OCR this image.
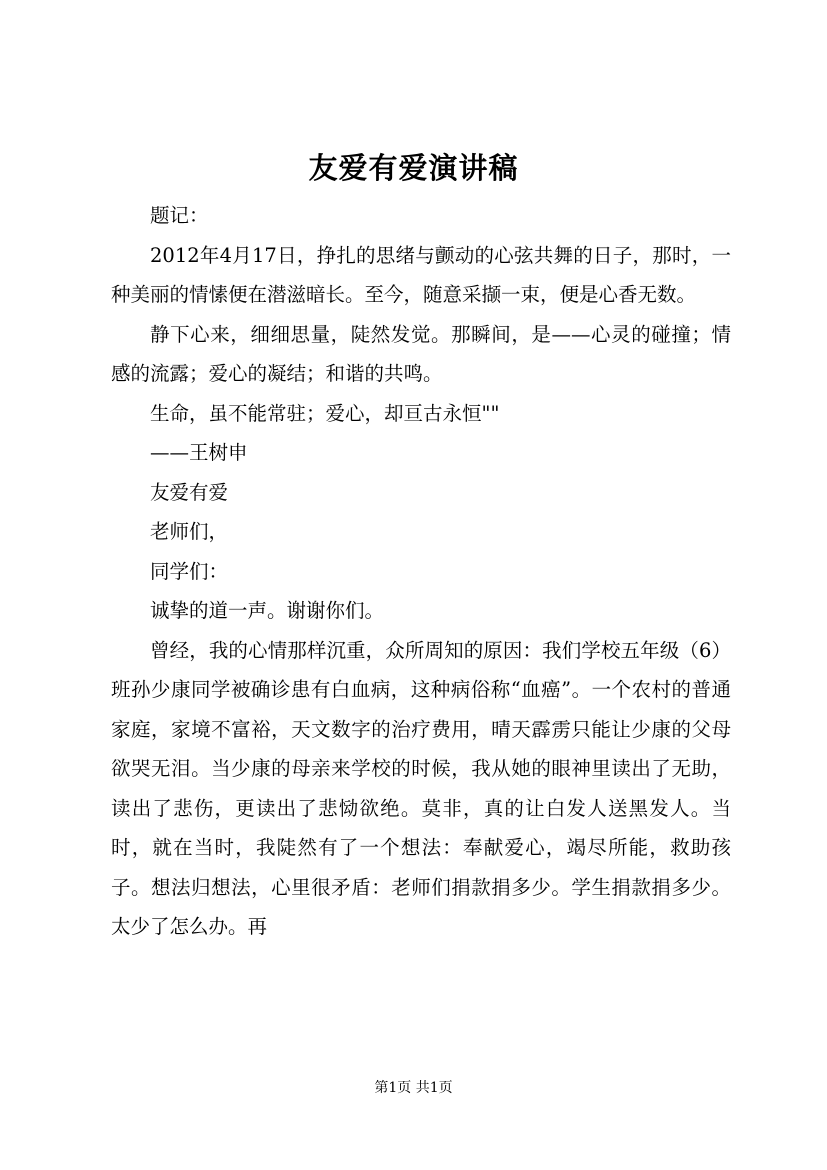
友爱有爱演讲稿

题记：

2012年4月17日，挣扎的思绪与颤动的心弦共舞的日子，那时，一种美丽的情愫便在潜滋暗长。至今，随意采撷一束，便是心香无数。

静下心来，细细思量，陡然发觉。那瞬间，是——心灵的碰撞；情感的流露；爱心的凝结；和谐的共鸣。

生命，虽不能常驻；爱心，却亘古永恒""

——王树申

友爱有爱

老师们，

同学们：

诚挚的道一声。谢谢你们。

曾经，我的心情那样沉重，众所周知的原因：我们学校五年级（6）班孙少康同学被确诊患有白血病，这种病俗称“血癌”。一个农村的普通家庭，家境不富裕，天文数字的治疗费用，晴天霹雳只能让少康的父母欲哭无泪。当少康的母亲来学校的时候，我从她的眼神里读出了无助，读出了悲伤，更读出了悲恸欲绝。莫非，真的让白发人送黑发人。当时，就在当时，我陡然有了一个想法：奉献爱心，竭尽所能，救助孩子。想法归想法，心里很矛盾：老师们捐款捐多少。学生捐款捐多少。太少了怎么办。再

第1页 共1页
